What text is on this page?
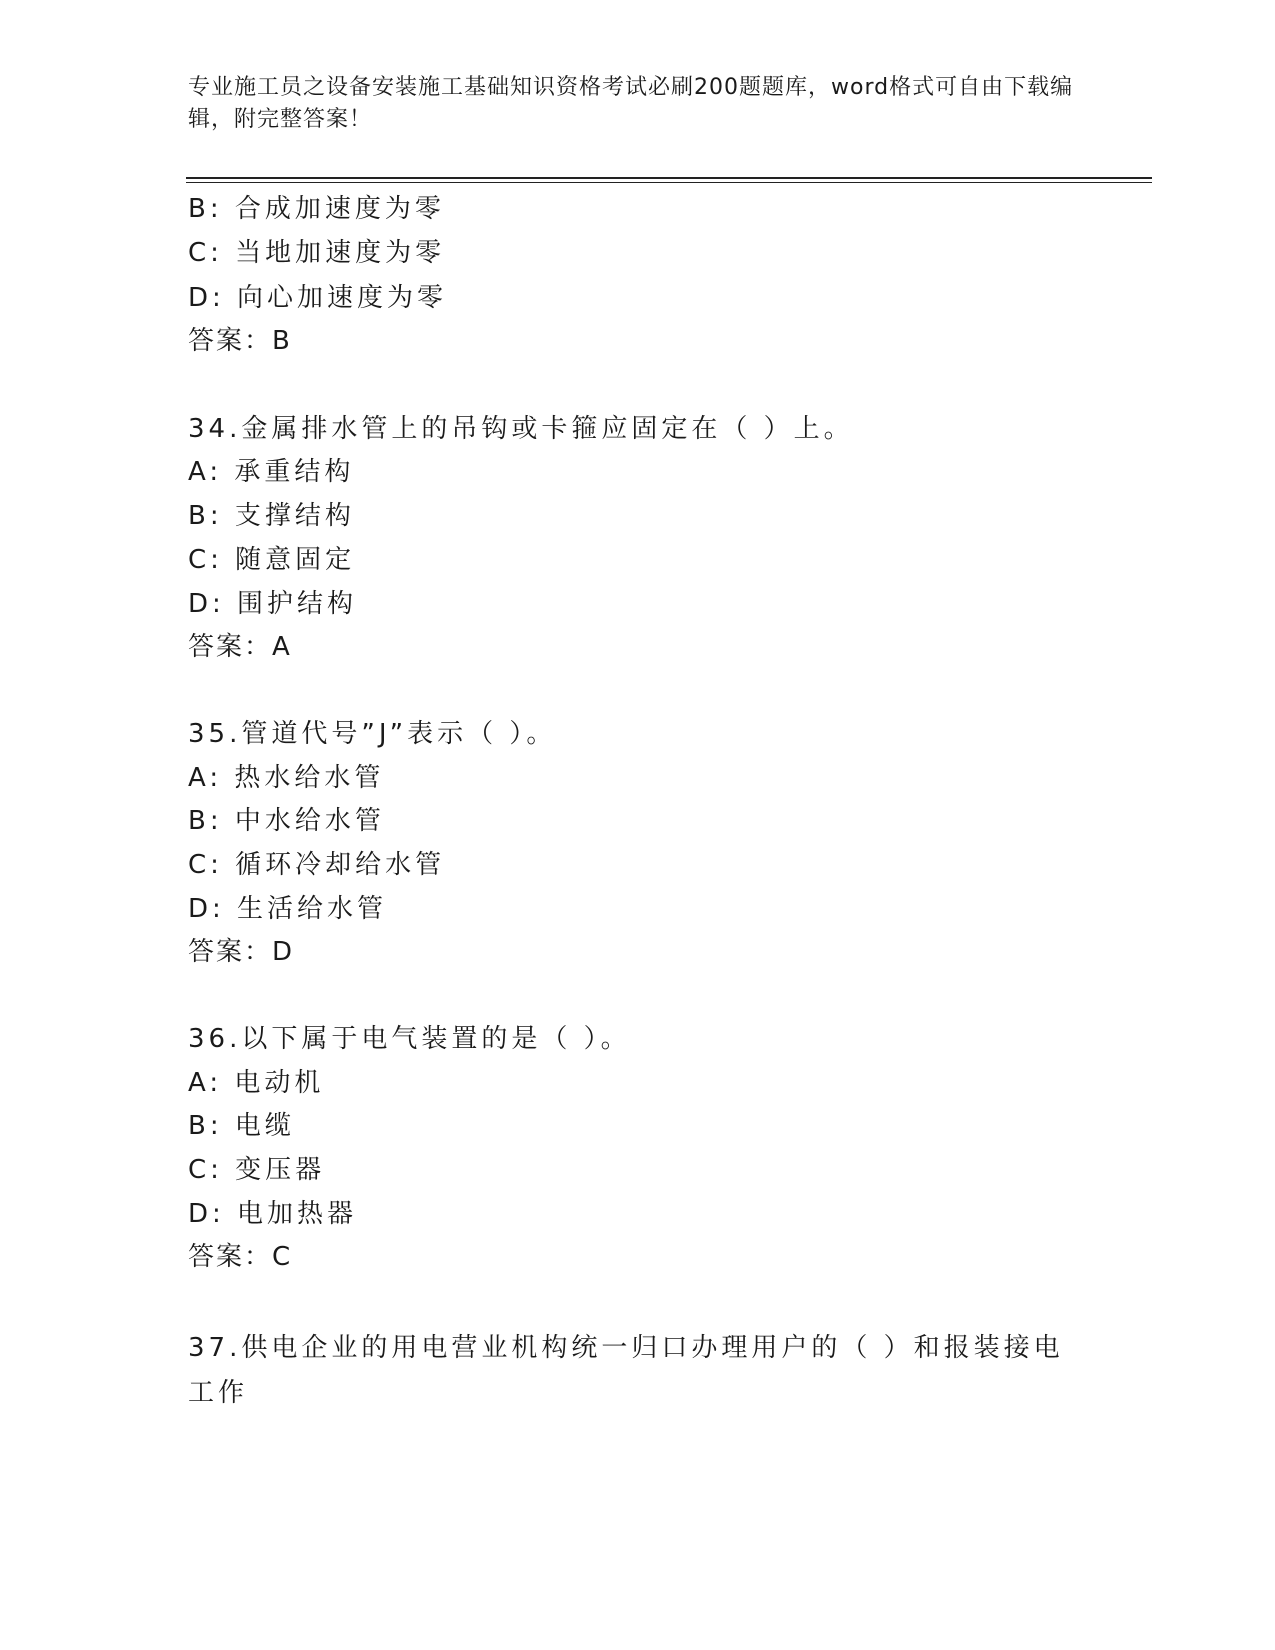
专业施工员之设备安装施工基础知识资格考试必刷200题题库，word格式可自由下载编辑，附完整答案！
B: 合成加速度为零
C: 当地加速度为零
D: 向心加速度为零
答案：B
34.金属排水管上的吊钩或卡箍应固定在（ ）上。
A: 承重结构
B: 支撑结构
C: 随意固定
D: 围护结构
答案：A
35.管道代号”J”表示（ ）。
A: 热水给水管
B: 中水给水管
C: 循环冷却给水管
D: 生活给水管
答案：D
36.以下属于电气装置的是（ ）。
A: 电动机
B: 电缆
C: 变压器
D: 电加热器
答案：C
37.供电企业的用电营业机构统一归口办理用户的（ ）和报装接电工作
